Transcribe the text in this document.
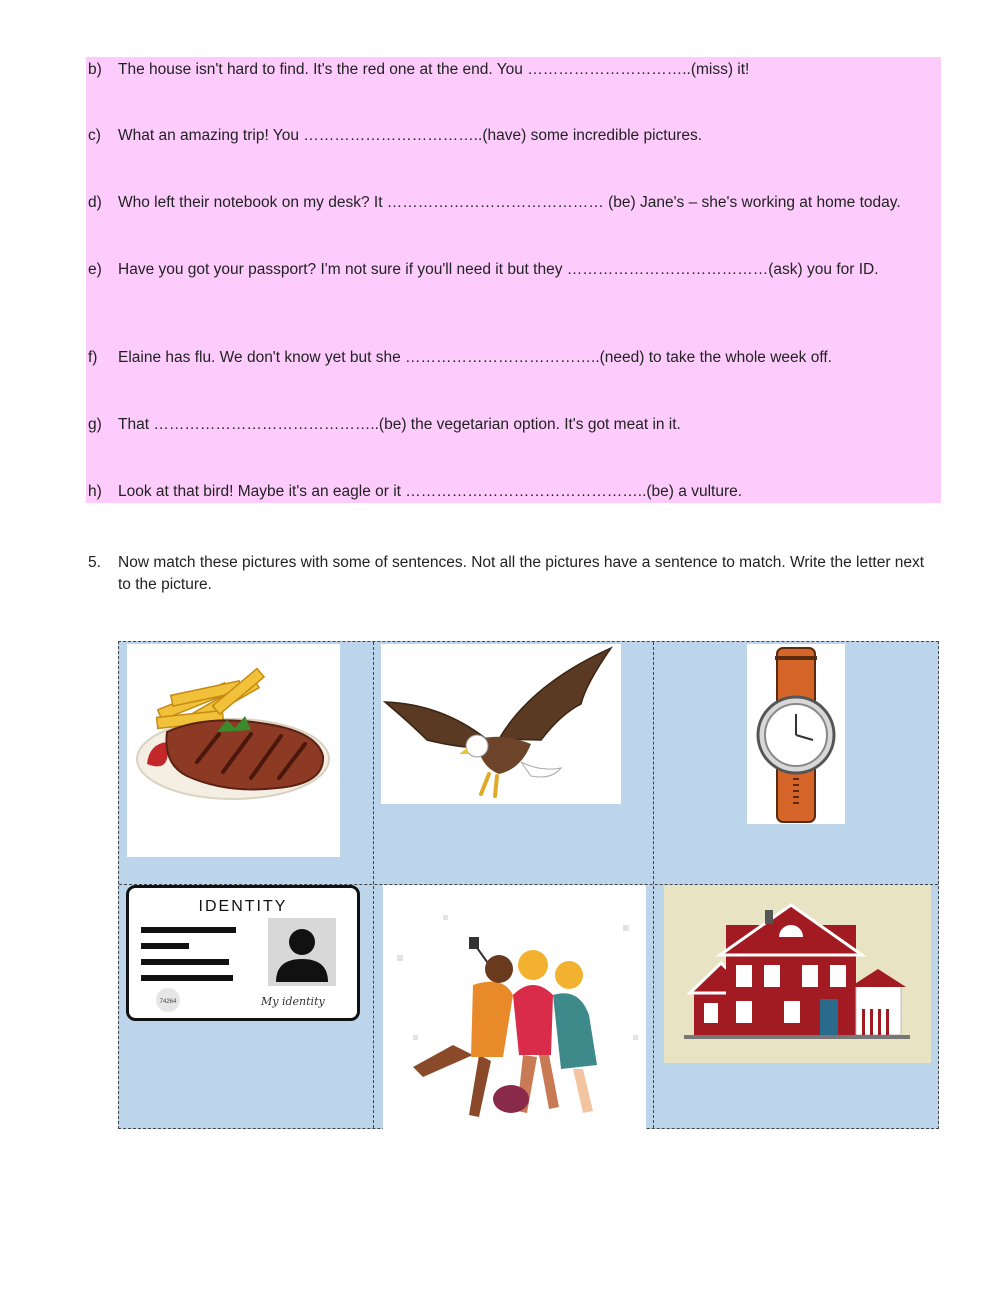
b) The house isn't hard to find. It's the red one at the end. You …………………………..(miss) it!
c) What an amazing trip! You ……………………………..(have) some incredible pictures.
d) Who left their notebook on my desk? It …………………………………… (be) Jane's – she's working at home today.
e) Have you got your passport? I'm not sure if you'll need it but they …………………………………(ask) you for ID.
f) Elaine has flu. We don't know yet but she ………………………………..(need) to take the whole week off.
g) That ……………………………………..(be) the vegetarian option. It's got meat in it.
h) Look at that bird! Maybe it's an eagle or it ………………………………………..(be) a vulture.
5. Now match these pictures with some of sentences. Not all the pictures have a sentence to match. Write the letter next to the picture.
IDENTITY
74264	My identity
